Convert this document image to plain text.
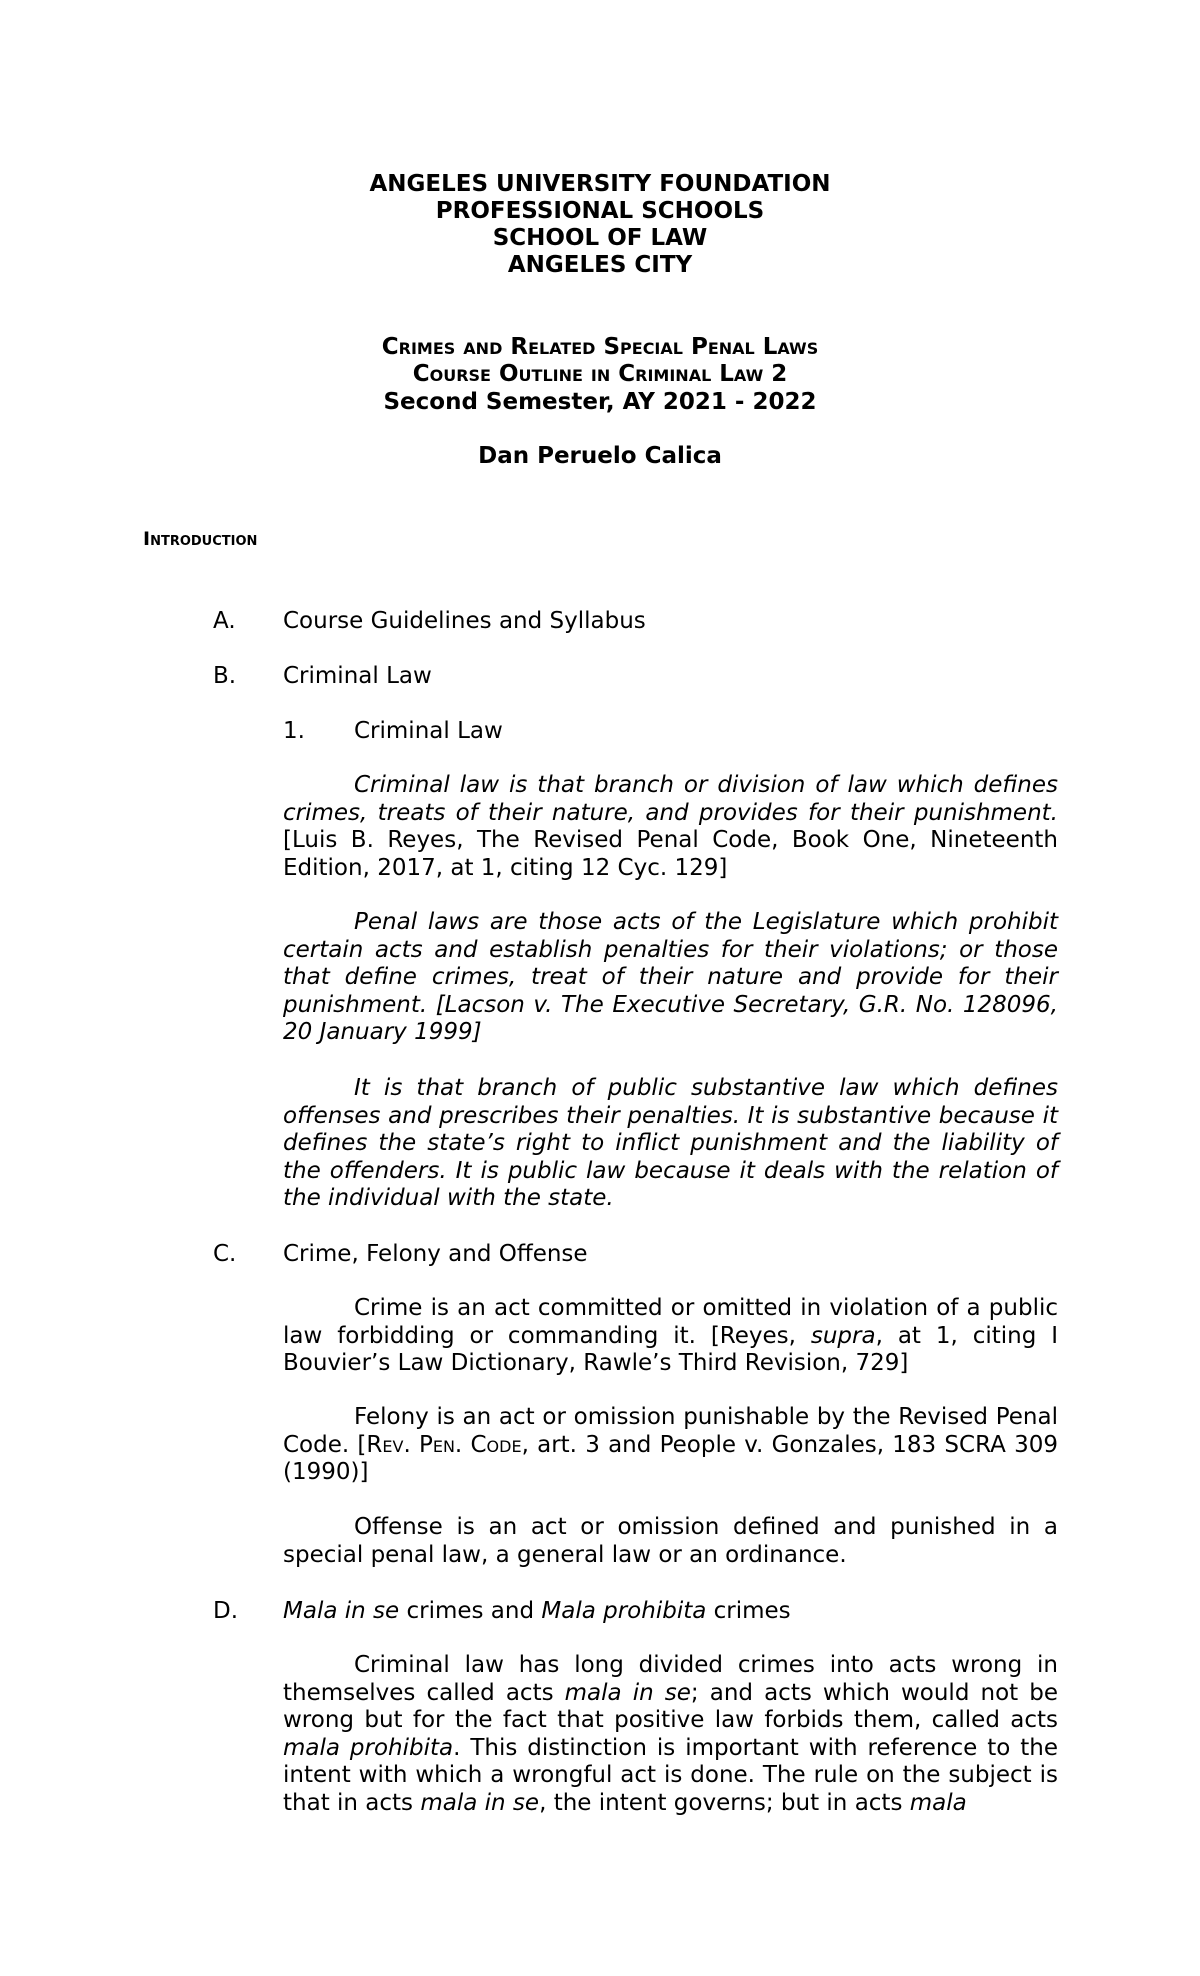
ANGELES UNIVERSITY FOUNDATION
PROFESSIONAL SCHOOLS
SCHOOL OF LAW
ANGELES CITY
Crimes and Related Special Penal Laws
Course Outline in Criminal Law 2
Second Semester, AY 2021 - 2022
Dan Peruelo Calica
Introduction
A. Course Guidelines and Syllabus
B. Criminal Law
1. Criminal Law
Criminal law is that branch or division of law which defines crimes, treats of their nature, and provides for their punishment. [Luis B. Reyes, The Revised Penal Code, Book One, Nineteenth Edition, 2017, at 1, citing 12 Cyc. 129]
Penal laws are those acts of the Legislature which prohibit certain acts and establish penalties for their violations; or those that define crimes, treat of their nature and provide for their punishment. [Lacson v. The Executive Secretary, G.R. No. 128096, 20 January 1999]
It is that branch of public substantive law which defines offenses and prescribes their penalties. It is substantive because it defines the state’s right to inflict punishment and the liability of the offenders. It is public law because it deals with the relation of the individual with the state.
C. Crime, Felony and Offense
Crime is an act committed or omitted in violation of a public law forbidding or commanding it. [Reyes, supra, at 1, citing I Bouvier’s Law Dictionary, Rawle’s Third Revision, 729]
Felony is an act or omission punishable by the Revised Penal Code. [Rev. Pen. Code, art. 3 and People v. Gonzales, 183 SCRA 309 (1990)]
Offense is an act or omission defined and punished in a special penal law, a general law or an ordinance.
D. Mala in se crimes and Mala prohibita crimes
Criminal law has long divided crimes into acts wrong in themselves called acts mala in se; and acts which would not be wrong but for the fact that positive law forbids them, called acts mala prohibita. This distinction is important with reference to the intent with which a wrongful act is done. The rule on the subject is that in acts mala in se, the intent governs; but in acts mala
